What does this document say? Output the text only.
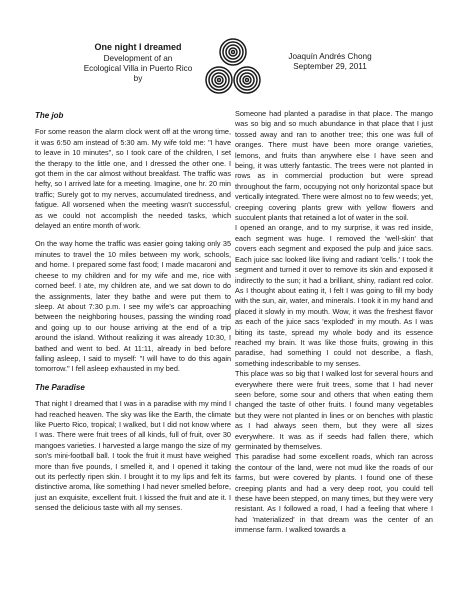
One night I dreamed
Development of an
Ecological Villa in Puerto Rico
by
Joaquín Andrés Chong
September 29, 2011

The job

For some reason the alarm clock went off at the wrong time, it was 6:50 am instead of 5:30 am. My wife told me: "I have to leave in 10 minutes", so I took care of the children, I set the therapy to the little one, and I dressed the other one. I got them in the car almost without breakfast. The traffic was hefty, so I arrived late for a meeting. Imagine, one hr. 20 min traffic; Surely got to my nerves, accumulated tiredness, and fatigue. All worsened when the meeting wasn't successful, as we could not accomplish the needed tasks, which delayed an entire month of work.

On the way home the traffic was easier going taking only 35 minutes to travel the 10 miles between my work, schools, and home. I prepared some fast food; I made macaroni and cheese to my children and for my wife and me, rice with corned beef. I ate, my children ate, and we sat down to do the assignments, later they bathe and were put them to sleep. At about 7:30 p.m. I see my wife's car approaching between the neighboring houses, passing the winding road and going up to our house arriving at the end of a trip around the island. Without realizing it was already 10:30, I bathed and went to bed. At 11:11, already in bed before falling asleep, I said to myself: "I will have to do this again tomorrow." I fell asleep exhausted in my bed.

The Paradise

That night I dreamed that I was in a paradise with my mind I had reached heaven. The sky was like the Earth, the climate like Puerto Rico, tropical; I walked, but I did not know where I was. There were fruit trees of all kinds, full of fruit, over 30 mangoes varieties. I harvested a large mango the size of my son's mini-football ball. I took the fruit it must have weighed more than five pounds, I smelled it, and I opened it taking out its perfectly ripen skin. I brought it to my lips and felt its distinctive aroma, like something I had never smelled before, just an exquisite, excellent fruit. I kissed the fruit and ate it. I sensed the delicious taste with all my senses.

Someone had planted a paradise in that place. The mango was so big and so much abundance in that place that I just tossed away and ran to another tree; this one was full of oranges. There must have been more orange varieties, lemons, and fruits than anywhere else I have seen and being, it was utterly fantastic. The trees were not planted in rows as in commercial production but were spread throughout the farm, occupying not only horizontal space but vertically integrated. There were almost no to few weeds; yet, creeping covering plants grew with yellow flowers and succulent plants that retained a lot of water in the soil.

I opened an orange, and to my surprise, it was red inside, each segment was huge. I removed the 'well-skin' that covers each segment and exposed the pulp and juice sacs. Each juice sac looked like living and radiant 'cells.' I took the segment and turned it over to remove its skin and exposed it indirectly to the sun; it had a brilliant, shiny, radiant red color. As I thought about eating it, I felt I was going to fill my body with the sun, air, water, and minerals. I took it in my hand and placed it slowly in my mouth. Wow, it was the freshest flavor as each of the juice sacs 'exploded' in my mouth. As I was biting its taste, spread my whole body and its essence reached my brain. It was like those fruits, growing in this paradise, had something I could not describe, a flash, something indescribable to my senses.

This place was so big that I walked lost for several hours and everywhere there were fruit trees, some that I had never seen before, some sour and others that when eating them changed the taste of other fruits. I found many vegetables but they were not planted in lines or on benches with plastic as I had always seen them, but they were all sizes everywhere. It was as if seeds had fallen there, which germinated by themselves.

This paradise had some excellent roads, which ran across the contour of the land, were not mud like the roads of our farms, but were covered by plants. I found one of these creeping plants and had a very deep root, you could tell these have been stepped, on many times, but they were very resistant. As I followed a road, I had a feeling that where I had 'materialized' in that dream was the center of an immense farm. I walked towards a
